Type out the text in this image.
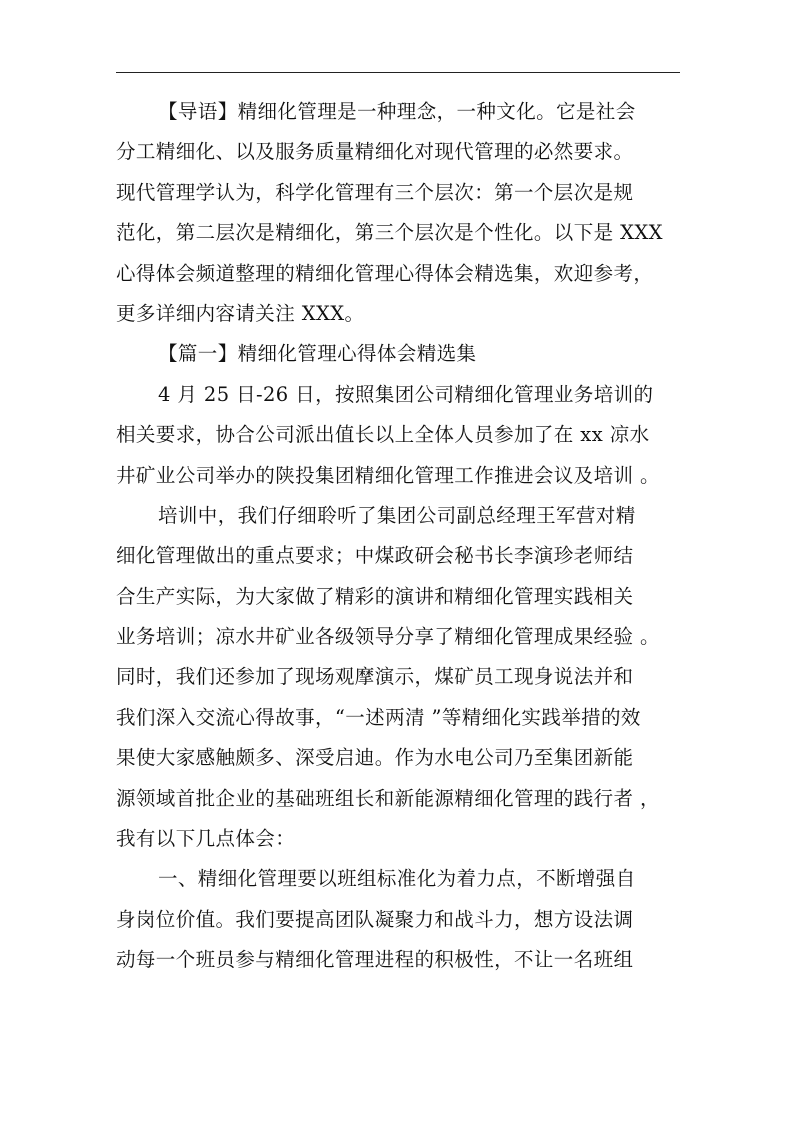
【导语】精细化管理是一种理念，一种文化。它是社会
分工精细化、以及服务质量精细化对现代管理的必然要求。
现代管理学认为，科学化管理有三个层次：第一个层次是规
范化，第二层次是精细化，第三个层次是个性化。以下是 XXX
心得体会频道整理的精细化管理心得体会精选集，欢迎参考，
更多详细内容请关注 XXX。
【篇一】精细化管理心得体会精选集
4 月 25 日-26 日，按照集团公司精细化管理业务培训的
相关要求，协合公司派出值长以上全体人员参加了在 xx 凉水
井矿业公司举办的陕投集团精细化管理工作推进会议及培训 。
培训中，我们仔细聆听了集团公司副总经理王军营对精
细化管理做出的重点要求；中煤政研会秘书长李演珍老师结
合生产实际，为大家做了精彩的演讲和精细化管理实践相关
业务培训；凉水井矿业各级领导分享了精细化管理成果经验 。
同时，我们还参加了现场观摩演示，煤矿员工现身说法并和
我们深入交流心得故事，“一述两清 ”等精细化实践举措的效
果使大家感触颇多、深受启迪。作为水电公司乃至集团新能
源领域首批企业的基础班组长和新能源精细化管理的践行者 ，
我有以下几点体会：
一、精细化管理要以班组标准化为着力点，不断增强自
身岗位价值。我们要提高团队凝聚力和战斗力，想方设法调
动每一个班员参与精细化管理进程的积极性，不让一名班组
